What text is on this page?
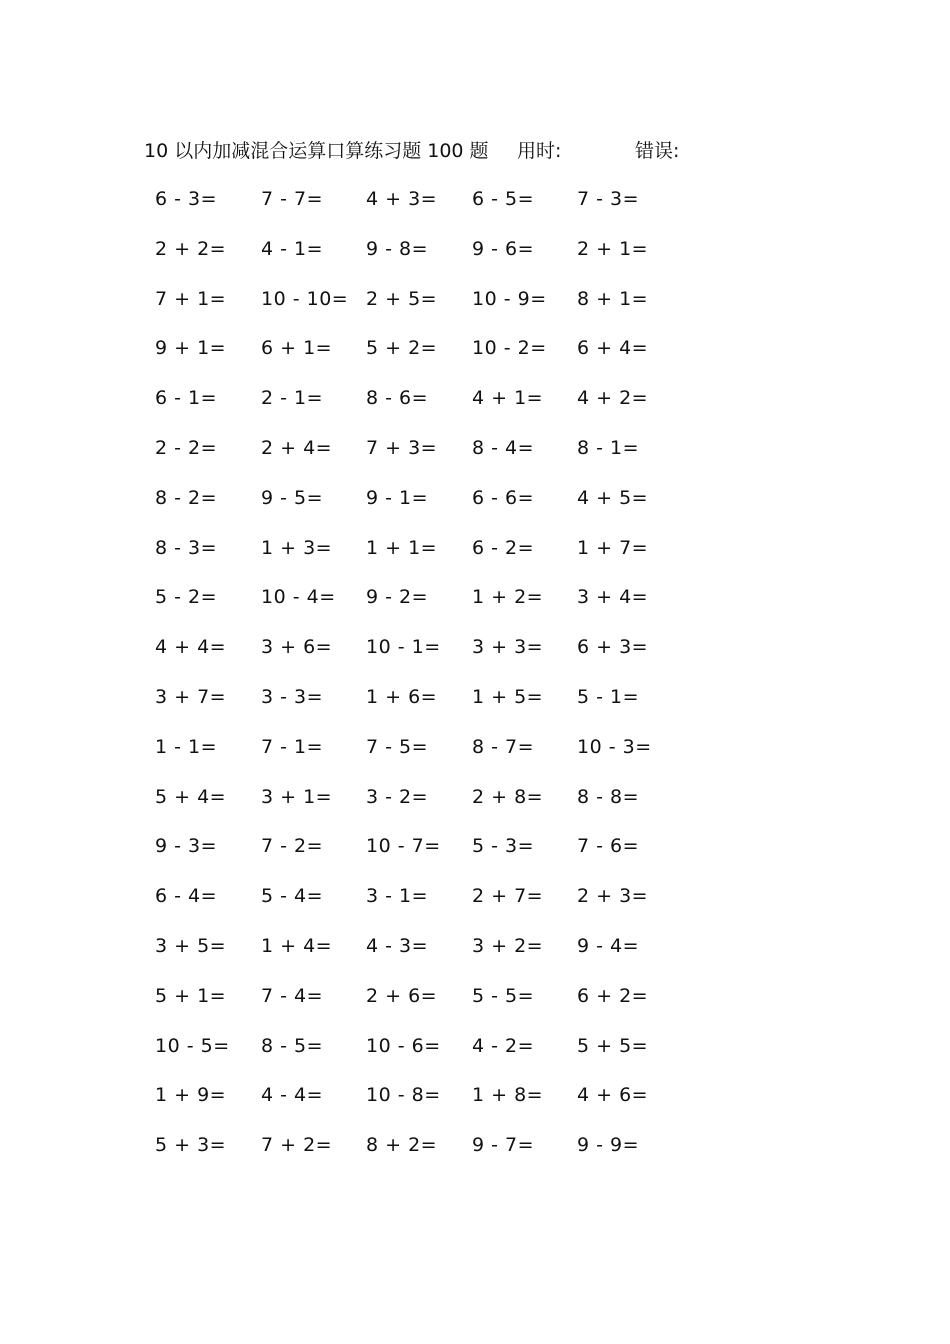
10 以内加减混合运算口算练习题 100 题 用时:	错误:
6 - 3= 7 - 7= 4 + 3= 6 - 5= 7 - 3=
2 + 2= 4 - 1= 9 - 8= 9 - 6= 2 + 1=
7 + 1= 10 - 10= 2 + 5= 10 - 9= 8 + 1=
9 + 1= 6 + 1= 5 + 2= 10 - 2= 6 + 4=
6 - 1= 2 - 1= 8 - 6= 4 + 1= 4 + 2=
2 - 2= 2 + 4= 7 + 3= 8 - 4= 8 - 1=
8 - 2= 9 - 5= 9 - 1= 6 - 6= 4 + 5=
8 - 3= 1 + 3= 1 + 1= 6 - 2= 1 + 7=
5 - 2= 10 - 4= 9 - 2= 1 + 2= 3 + 4=
4 + 4= 3 + 6= 10 - 1= 3 + 3= 6 + 3=
3 + 7= 3 - 3= 1 + 6= 1 + 5= 5 - 1=
1 - 1= 7 - 1= 7 - 5= 8 - 7= 10 - 3=
5 + 4= 3 + 1= 3 - 2= 2 + 8= 8 - 8=
9 - 3= 7 - 2= 10 - 7= 5 - 3= 7 - 6=
6 - 4= 5 - 4= 3 - 1= 2 + 7= 2 + 3=
3 + 5= 1 + 4= 4 - 3= 3 + 2= 9 - 4=
5 + 1= 7 - 4= 2 + 6= 5 - 5= 6 + 2=
10 - 5= 8 - 5= 10 - 6= 4 - 2= 5 + 5=
1 + 9= 4 - 4= 10 - 8= 1 + 8= 4 + 6=
5 + 3= 7 + 2= 8 + 2= 9 - 7= 9 - 9=
